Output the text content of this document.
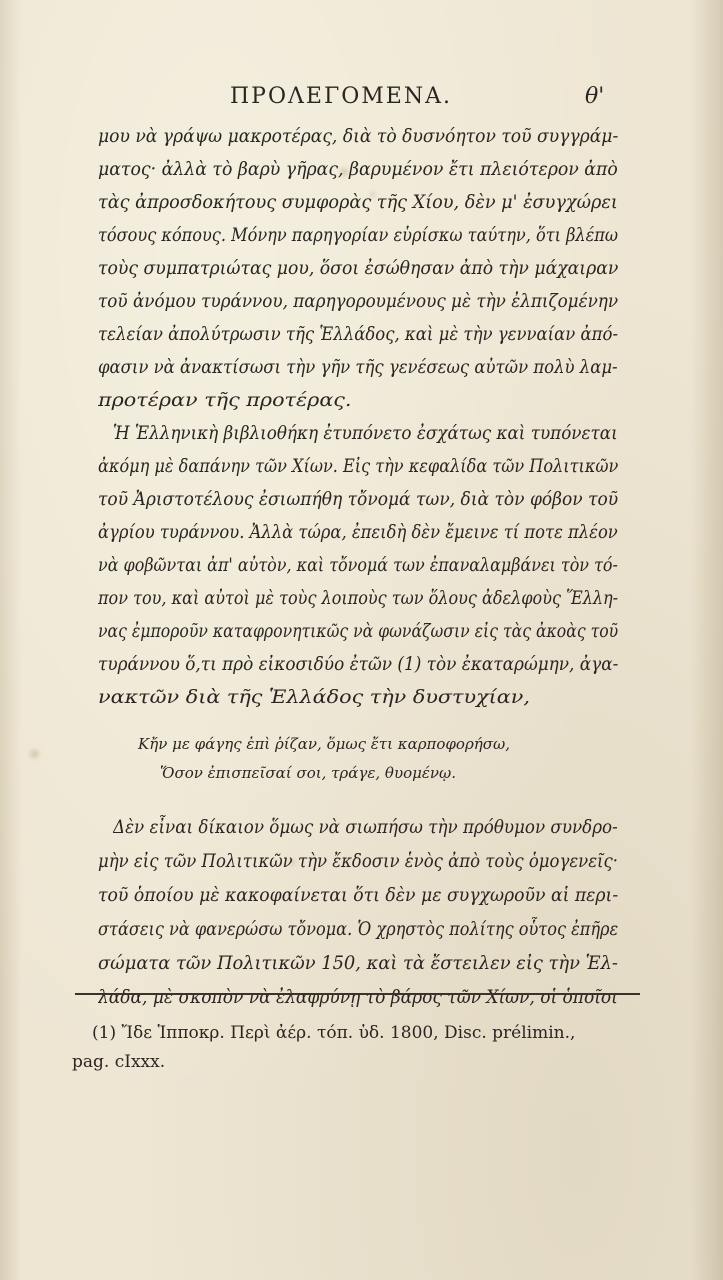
ΠΡΟΛΕΓΟΜΕΝΑ.	θ'
μου νὰ γράψω μακροτέρας, διὰ τὸ δυσνόητον τοῦ συγγράμ-
ματος· ἀλλὰ τὸ βαρὺ γῆρας, βαρυμένον ἔτι πλειότερον ἀπὸ
τὰς ἀπροσδοκήτους συμφορὰς τῆς Χίου, δὲν μ' ἐσυγχώρει
τόσους κόπους. Μόνην παρηγορίαν εὑρίσκω ταύτην, ὅτι βλέπω
τοὺς συμπατριώτας μου, ὅσοι ἐσώθησαν ἀπὸ τὴν μάχαιραν
τοῦ ἀνόμου τυράννου, παρηγορουμένους μὲ τὴν ἐλπιζομένην
τελείαν ἀπολύτρωσιν τῆς Ἑλλάδος, καὶ μὲ τὴν γενναίαν ἀπό-
φασιν νὰ ἀνακτίσωσι τὴν γῆν τῆς γενέσεως αὐτῶν πολὺ λαμ-
προτέραν τῆς προτέρας.
Ἡ Ἑλληνικὴ βιβλιοθήκη ἐτυπόνετο ἐσχάτως καὶ τυπόνεται
ἀκόμη μὲ δαπάνην τῶν Χίων. Εἰς τὴν κεφαλίδα τῶν Πολιτικῶν
τοῦ Ἀριστοτέλους ἐσιωπήθη τὄνομά των, διὰ τὸν φόβον τοῦ
ἀγρίου τυράννου. Ἀλλὰ τώρα, ἐπειδὴ δὲν ἔμεινε τί ποτε πλέον
νὰ φοβῶνται ἀπ' αὐτὸν, καὶ τὄνομά των ἐπαναλαμβάνει τὸν τό-
πον του, καὶ αὐτοὶ μὲ τοὺς λοιποὺς των ὅλους ἀδελφοὺς Ἕλλη-
νας ἐμποροῦν καταφρονητικῶς νὰ φωνάζωσιν εἰς τὰς ἀκοὰς τοῦ
τυράννου ὅ,τι πρὸ εἰκοσιδύο ἐτῶν (1) τὸν ἐκαταρώμην, ἀγα-
νακτῶν διὰ τῆς Ἑλλάδος τὴν δυστυχίαν,
Κἤν με φάγης ἐπὶ ῥίζαν, ὅμως ἔτι καρποφορήσω,
Ὅσον ἐπισπεῖσαί σοι, τράγε, θυομένῳ.
Δὲν εἶναι δίκαιον ὅμως νὰ σιωπήσω τὴν πρόθυμον συνδρο-
μὴν εἰς τῶν Πολιτικῶν τὴν ἔκδοσιν ἑνὸς ἀπὸ τοὺς ὁμογενεῖς·
τοῦ ὁποίου μὲ κακοφαίνεται ὅτι δὲν με συγχωροῦν αἱ περι-
στάσεις νὰ φανερώσω τὄνομα. Ὁ χρηστὸς πολίτης οὗτος ἐπῆρε
σώματα τῶν Πολιτικῶν 150, καὶ τὰ ἔστειλεν εἰς τὴν Ἑλ-
λάδα, μὲ σκοπὸν νὰ ἐλαφρύνῃ τὸ βάρος τῶν Χίων, οἱ ὁποῖοι
(1) Ἴδε Ἱπποκρ. Περὶ ἀέρ. τόπ. ὑδ. 1800, Disc. prélimin.,
pag. cIxxx.
